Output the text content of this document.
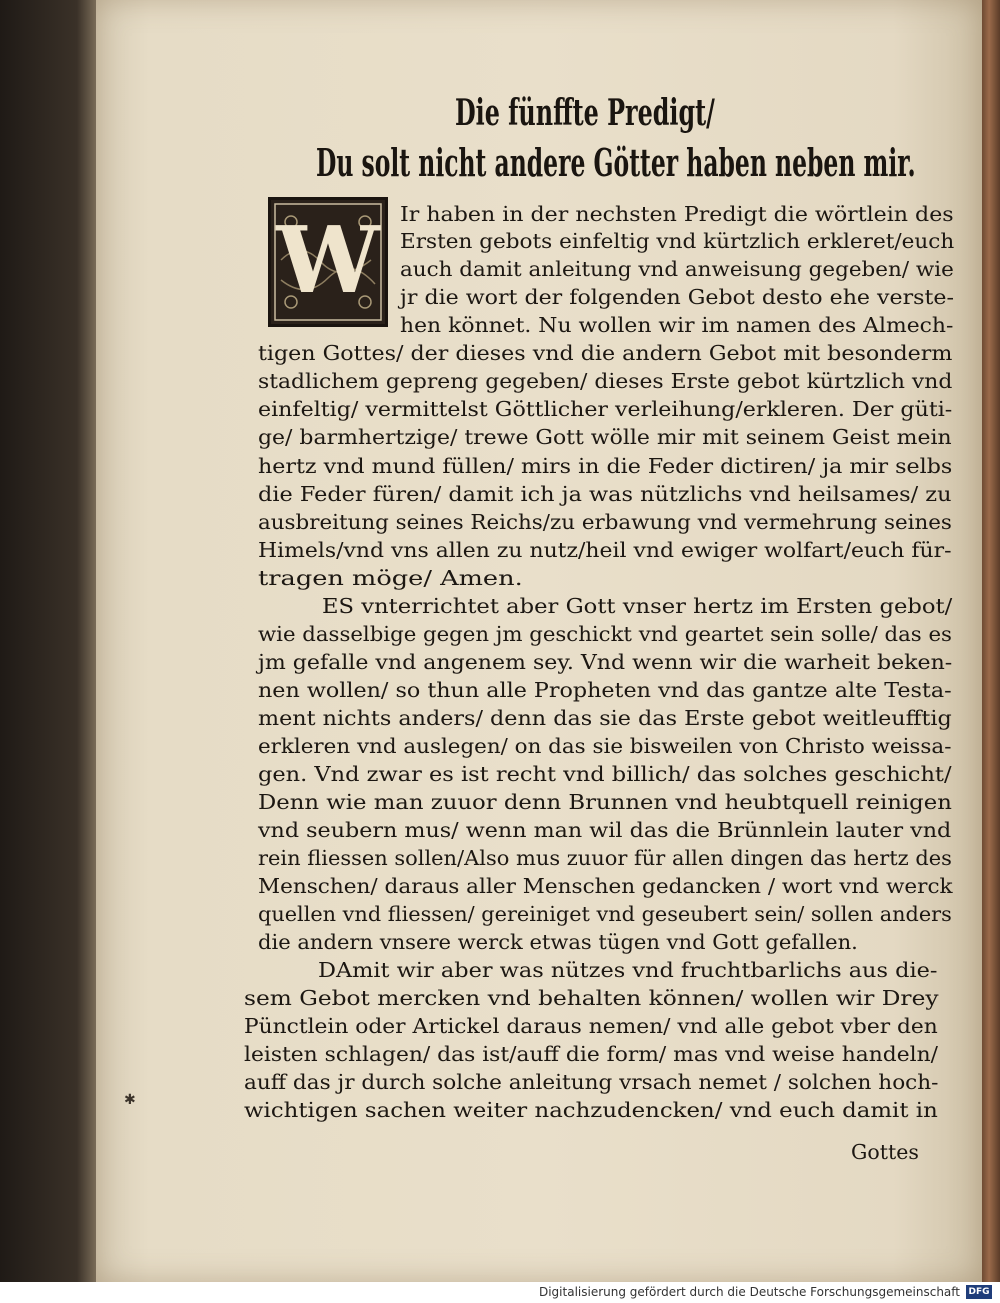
Die fünffte Predigt/
Du solt nicht andere Götter haben neben mir.
W Ir haben in der nechsten Predigt die wörtlein des
Ersten gebots einfeltig vnd kürtzlich erkleret/euch
auch damit anleitung vnd anweisung gegeben/ wie
jr die wort der folgenden Gebot desto ehe verste-
hen könnet. Nu wollen wir im namen des Almech-
tigen Gottes/ der dieses vnd die andern Gebot mit besonderm
stadlichem gepreng gegeben/ dieses Erste gebot kürtzlich vnd
einfeltig/ vermittelst Göttlicher verleihung/erkleren. Der güti-
ge/ barmhertzige/ trewe Gott wölle mir mit seinem Geist mein
hertz vnd mund füllen/ mirs in die Feder dictiren/ ja mir selbs
die Feder füren/ damit ich ja was nützlichs vnd heilsames/ zu
ausbreitung seines Reichs/zu erbawung vnd vermehrung seines
Himels/vnd vns allen zu nutz/heil vnd ewiger wolfart/euch für-
tragen möge/ Amen.
ES vnterrichtet aber Gott vnser hertz im Ersten gebot/
wie dasselbige gegen jm geschickt vnd geartet sein solle/ das es
jm gefalle vnd angenem sey. Vnd wenn wir die warheit beken-
nen wollen/ so thun alle Propheten vnd das gantze alte Testa-
ment nichts anders/ denn das sie das Erste gebot weitleufftig
erkleren vnd auslegen/ on das sie bisweilen von Christo weissa-
gen. Vnd zwar es ist recht vnd billich/ das solches geschicht/
Denn wie man zuuor denn Brunnen vnd heubtquell reinigen
vnd seubern mus/ wenn man wil das die Brünnlein lauter vnd
rein fliessen sollen/Also mus zuuor für allen dingen das hertz des
Menschen/ daraus aller Menschen gedancken / wort vnd werck
quellen vnd fliessen/ gereiniget vnd geseubert sein/ sollen anders
die andern vnsere werck etwas tügen vnd Gott gefallen.
DAmit wir aber was nützes vnd fruchtbarlichs aus die-
sem Gebot mercken vnd behalten können/ wollen wir Drey
Pünctlein oder Artickel daraus nemen/ vnd alle gebot vber den
leisten schlagen/ das ist/auff die form/ mas vnd weise handeln/
auff das jr durch solche anleitung vrsach nemet / solchen hoch-
wichtigen sachen weiter nachzudencken/ vnd euch damit in
Gottes
✱
Digitalisierung gefördert durch die Deutsche Forschungsgemeinschaft DFG
